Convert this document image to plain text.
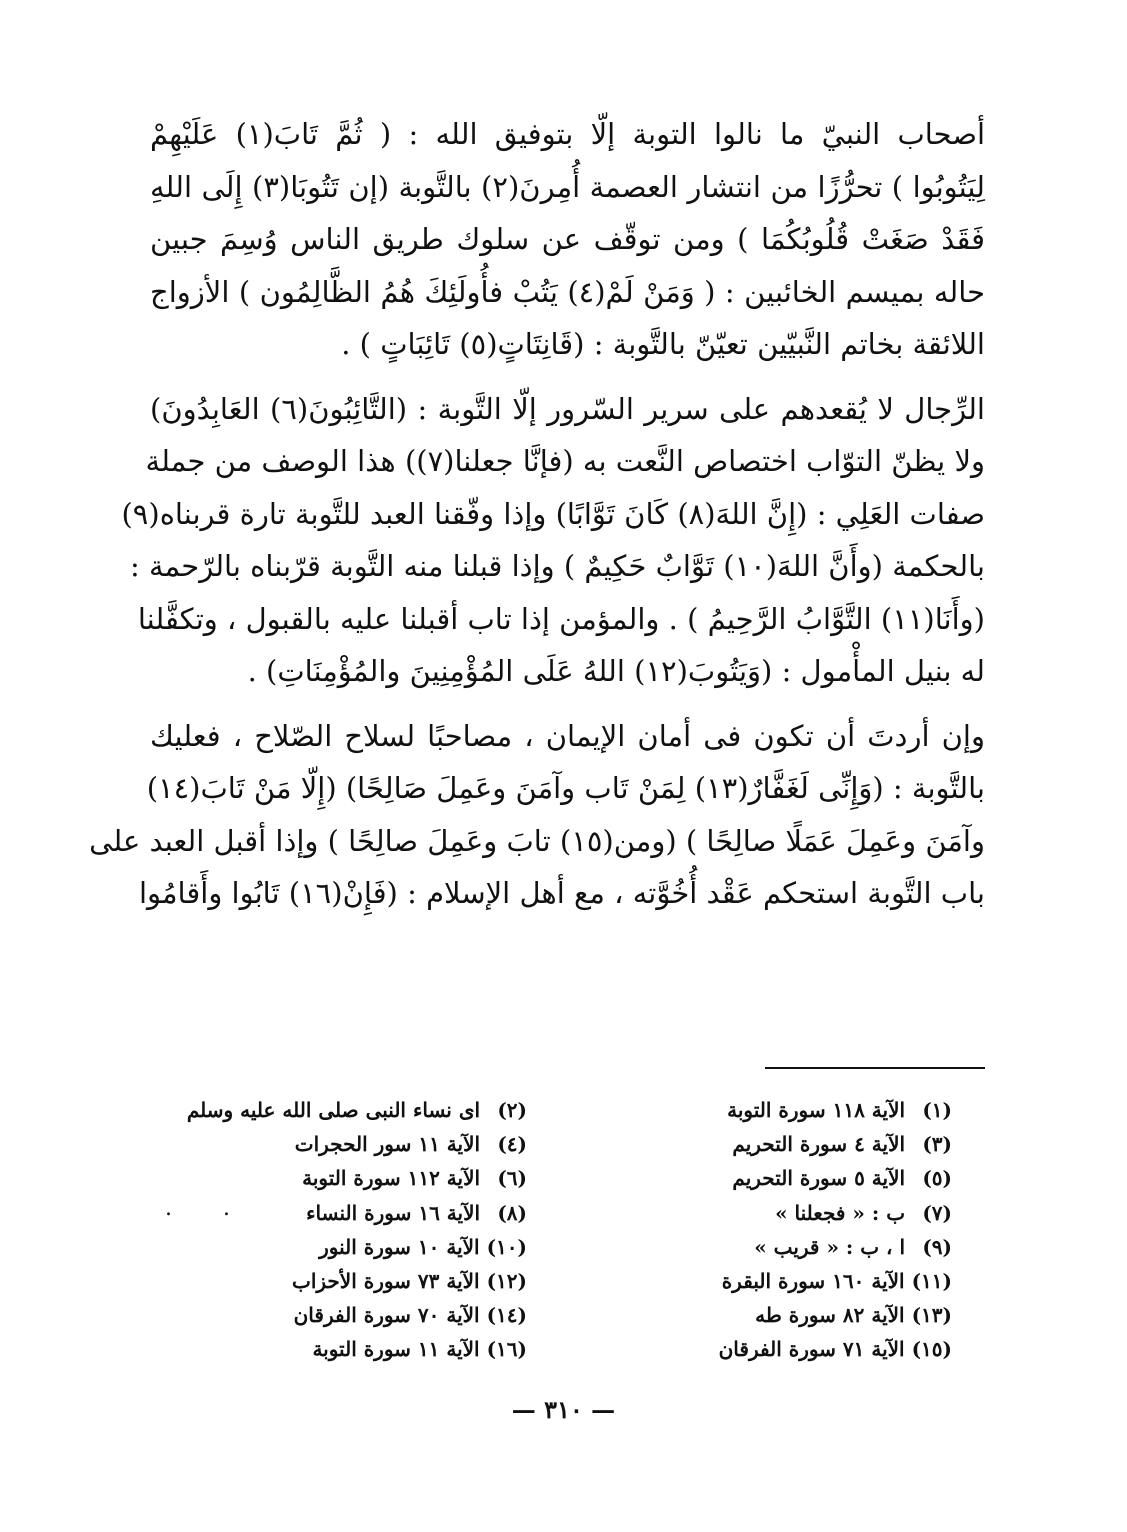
أصحاب النبيّ ما نالوا التوبة إلّا بتوفيق الله : ( ثُمَّ تَابَ(١) عَلَيْهِمْ
لِيَتُوبُوا ) تحرُّزًا من انتشار العصمة أُمِرنَ(٢) بالتَّوبة (إن تَتُوبَا(٣) إِلَى اللهِ
فَقَدْ صَغَتْ قُلُوبُكُمَا ) ومن توقّف عن سلوك طريق الناس وُسِمَ جبين
حاله بميسم الخائبين : ( وَمَنْ لَمْ(٤) يَتُبْ فأُولَئِكَ هُمُ الظَّالِمُون ) الأزواج
اللائقة بخاتم النَّبيّين تعيّنّ بالتَّوبة : (قَانِتَاتٍ(٥) تَائِبَاتٍ ) .
الرِّجال لا يُقعدهم على سرير السّرور إلّا التَّوبة : (التَّائِبُونَ(٦) العَابِدُونَ)
ولا يظنّ التوّاب اختصاص النَّعت به (فإنَّا جعلنا(٧)) هذا الوصف من جملة
صفات العَلِي : (إِنَّ اللهَ(٨) كَانَ تَوَّابًا) وإذا وفّقنا العبد للتَّوبة تارة قربناه(٩)
بالحكمة (وأَنَّ اللهَ(١٠) تَوَّابٌ حَكِيمٌ ) وإذا قبلنا منه التَّوبة قرّبناه بالرّحمة :
(وأَنَا(١١) التَّوَّابُ الرَّحِيمُ ) . والمؤمن إذا تاب أقبلنا عليه بالقبول ، وتكفَّلنا
له بنيل المأْمول : (وَيَتُوبَ(١٢) اللهُ عَلَى المُؤْمِنِينَ والمُؤْمِنَاتِ) .
وإن أردتَ أن تكون فى أمان الإيمان ، مصاحبًا لسلاح الصّلاح ، فعليك
بالتَّوبة : (وَإِنِّى لَغَفَّارٌ(١٣) لِمَنْ تَاب وآمَنَ وعَمِلَ صَالِحًا) (إِلّا مَنْ تَابَ(١٤)
وآمَنَ وعَمِلَ عَمَلًا صالِحًا ) (ومن(١٥) تابَ وعَمِلَ صالِحًا ) وإذا أقبل العبد على
باب التَّوبة استحكم عَقْد أُخُوَّته ، مع أهل الإسلام : (فَإِنْ(١٦) تَابُوا وأَقامُوا
(١) الآية ١١٨ سورة التوبة
(٣) الآية ٤ سورة التحريم
(٥) الآية ٥ سورة التحريم
(٧) ب : « فجعلنا »
(٩) ا ، ب : « قريب »
(١١) الآية ١٦٠ سورة البقرة
(١٣) الآية ٨٢ سورة طه
(١٥) الآية ٧١ سورة الفرقان
(٢) اى نساء النبى صلى الله عليه وسلم
(٤) الآية ١١ سور الحجرات
(٦) الآية ١١٢ سورة التوبة
(٨) الآية ١٦ سورة النساء
(١٠) الآية ١٠ سورة النور
(١٢) الآية ٧٣ سورة الأحزاب
(١٤) الآية ٧٠ سورة الفرقان
(١٦) الآية ١١ سورة التوبة
. .
— ٣١٠ —
